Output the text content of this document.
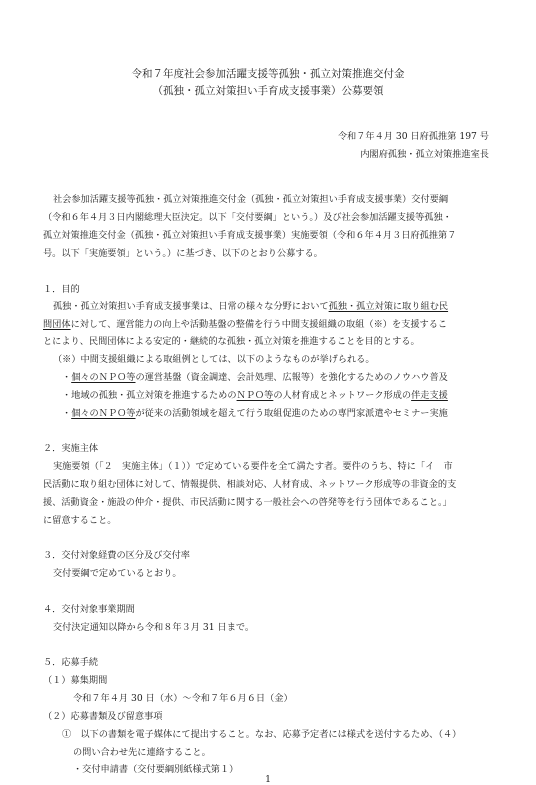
令和７年度社会参加活躍支援等孤独・孤立対策推進交付金
（孤独・孤立対策担い手育成支援事業）公募要領
令和７年４月 30 日府孤推第 197 号
内閣府孤独・孤立対策推進室長
社会参加活躍支援等孤独・孤立対策推進交付金（孤独・孤立対策担い手育成支援事業）交付要綱
（令和６年４月３日内閣総理大臣決定。以下「交付要綱」という。）及び社会参加活躍支援等孤独・
孤立対策推進交付金（孤独・孤立対策担い手育成支援事業）実施要領（令和６年４月３日府孤推第７
号。以下「実施要領」という。）に基づき、以下のとおり公募する。
１．目的
孤独・孤立対策担い手育成支援事業は、日常の様々な分野において孤独・孤立対策に取り組む民
間団体に対して、運営能力の向上や活動基盤の整備を行う中間支援組織の取組（※）を支援するこ
とにより、民間団体による安定的・継続的な孤独・孤立対策を推進することを目的とする。
（※）中間支援組織による取組例としては、以下のようなものが挙げられる。
・個々のＮＰＯ等の運営基盤（資金調達、会計処理、広報等）を強化するためのノウハウ普及
・地域の孤独・孤立対策を推進するためのＮＰＯ等の人材育成とネットワーク形成の伴走支援
・個々のＮＰＯ等が従来の活動領域を超えて行う取組促進のための専門家派遣やセミナー実施
２．実施主体
実施要領（「２　実施主体」（１））で定めている要件を全て満たす者。要件のうち、特に「イ　市
民活動に取り組む団体に対して、情報提供、相談対応、人材育成、ネットワーク形成等の非資金的支
援、活動資金・施設の仲介・提供、市民活動に関する一般社会への啓発等を行う団体であること。」
に留意すること。
３．交付対象経費の区分及び交付率
交付要綱で定めているとおり。
４．交付対象事業期間
交付決定通知以降から令和８年３月 31 日まで。
５．応募手続
（１）募集期間
令和７年４月 30 日（水）～令和７年６月６日（金）
（２）応募書類及び留意事項
①　以下の書類を電子媒体にて提出すること。なお、応募予定者には様式を送付するため、（４）
の問い合わせ先に連絡すること。
・交付申請書（交付要綱別紙様式第１）
1
